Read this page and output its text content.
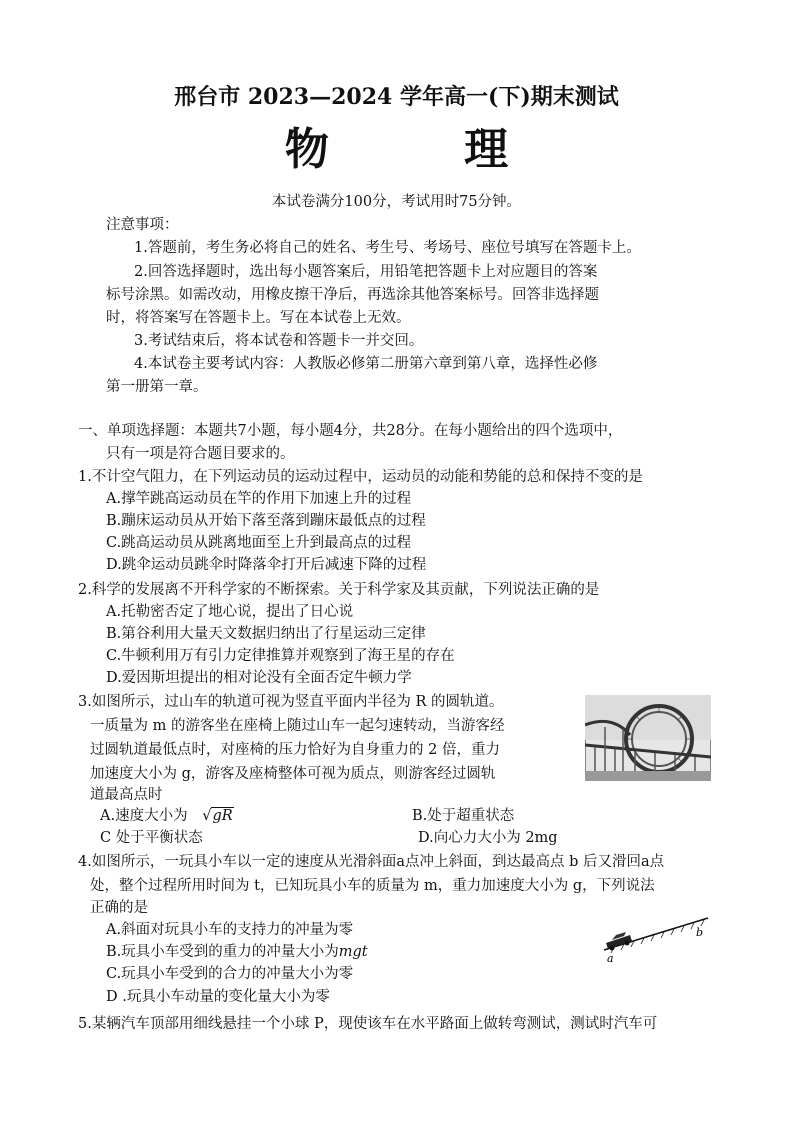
邢台市 2023—2024 学年高一(下)期末测试
物 理
本试卷满分100分，考试用时75分钟。
注意事项：
1.答题前，考生务必将自己的姓名、考生号、考场号、座位号填写在答题卡上。
2.回答选择题时，选出每小题答案后，用铅笔把答题卡上对应题目的答案
标号涂黑。如需改动，用橡皮擦干净后，再选涂其他答案标号。回答非选择题
时，将答案写在答题卡上。写在本试卷上无效。
3.考试结束后，将本试卷和答题卡一并交回。
4.本试卷主要考试内容：人教版必修第二册第六章到第八章，选择性必修
第一册第一章。
一、单项选择题：本题共7小题，每小题4分，共28分。在每小题给出的四个选项中，
只有一项是符合题目要求的。
1.不计空气阻力，在下列运动员的运动过程中，运动员的动能和势能的总和保持不变的是
A.撑竿跳高运动员在竿的作用下加速上升的过程
B.蹦床运动员从开始下落至落到蹦床最低点的过程
C.跳高运动员从跳离地面至上升到最高点的过程
D.跳伞运动员跳伞时降落伞打开后减速下降的过程
2.科学的发展离不开科学家的不断探索。关于科学家及其贡献，下列说法正确的是
A.托勒密否定了地心说，提出了日心说
B.第谷利用大量天文数据归纳出了行星运动三定律
C.牛顿利用万有引力定律推算并观察到了海王星的存在
D.爱因斯坦提出的相对论没有全面否定牛顿力学
3.如图所示，过山车的轨道可视为竖直平面内半径为 R 的圆轨道。
一质量为 m 的游客坐在座椅上随过山车一起匀速转动，当游客经
过圆轨道最低点时，对座椅的压力恰好为自身重力的 2 倍，重力
加速度大小为 g，游客及座椅整体可视为质点，则游客经过圆轨
道最高点时
A.速度大小为 √gR	B.处于超重状态
C 处于平衡状态	D.向心力大小为 2mg
4.如图所示，一玩具小车以一定的速度从光滑斜面a点冲上斜面，到达最高点 b 后又滑回a点
处，整个过程所用时间为 t，已知玩具小车的质量为 m，重力加速度大小为 g，下列说法
正确的是
A.斜面对玩具小车的支持力的冲量为零
B.玩具小车受到的重力的冲量大小为mgt
C.玩具小车受到的合力的冲量大小为零
D .玩具小车动量的变化量大小为零
a
b
5.某辆汽车顶部用细线悬挂一个小球 P，现使该车在水平路面上做转弯测试，测试时汽车可
